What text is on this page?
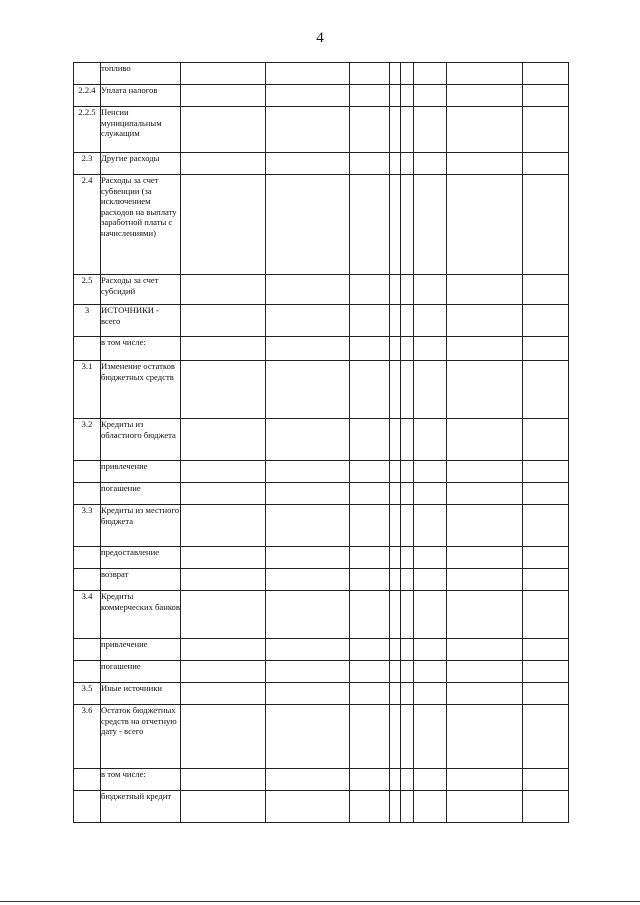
4
	топливо								
2.2.4	Уплата налогов								
2.2.5	Пенсии муниципальным служащим								
2.3	Другие расходы								
2.4	Расходы за счет субвенции (за исключением расходов на выплату заработной платы с начислениями)								
2.5	Расходы за счет субсидий								
3	ИСТОЧНИКИ - всего								
	в том числе:								
3.1	Изменение остатков бюджетных средств								
3.2	Кредиты из областного бюджета								
	привлечение								
	погашение								
3.3	Кредиты из местного бюджета								
	предоставление								
	возврат								
3.4	Кредиты коммерческих банков								
	привлечение								
	погашение								
3.5	Иные источники								
3.6	Остаток бюджетных средств на отчетную дату - всего								
	в том числе:								
	бюджетный кредит								
